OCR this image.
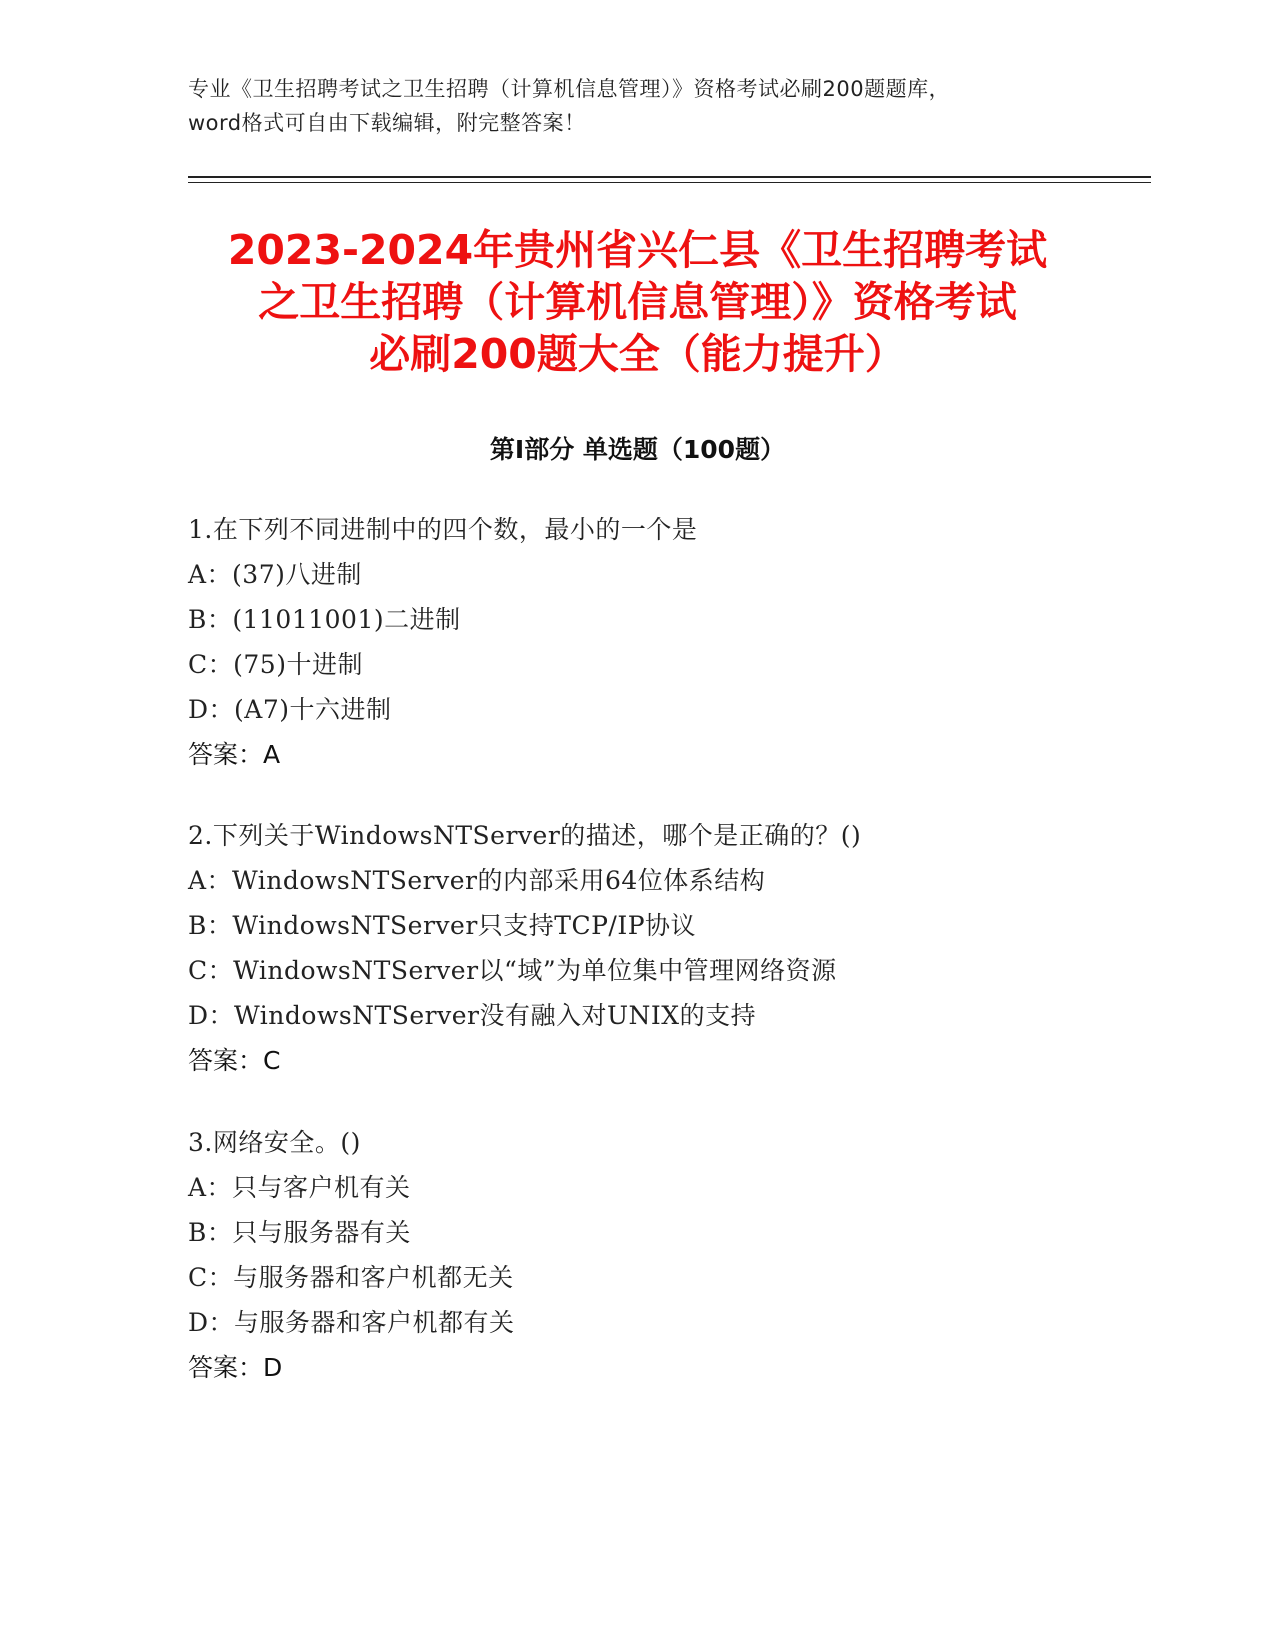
专业《卫生招聘考试之卫生招聘（计算机信息管理）》资格考试必刷200题题库，
word格式可自由下载编辑，附完整答案！
2023-2024年贵州省兴仁县《卫生招聘考试
之卫生招聘（计算机信息管理）》资格考试
必刷200题大全（能力提升）
第I部分 单选题（100题）
1.在下列不同进制中的四个数，最小的一个是
A：(37)八进制
B：(11011001)二进制
C：(75)十进制
D：(A7)十六进制
答案：A
2.下列关于WindowsNTServer的描述，哪个是正确的？()
A：WindowsNTServer的内部采用64位体系结构
B：WindowsNTServer只支持TCP/IP协议
C：WindowsNTServer以“域”为单位集中管理网络资源
D：WindowsNTServer没有融入对UNIX的支持
答案：C
3.网络安全。()
A：只与客户机有关
B：只与服务器有关
C：与服务器和客户机都无关
D：与服务器和客户机都有关
答案：D
